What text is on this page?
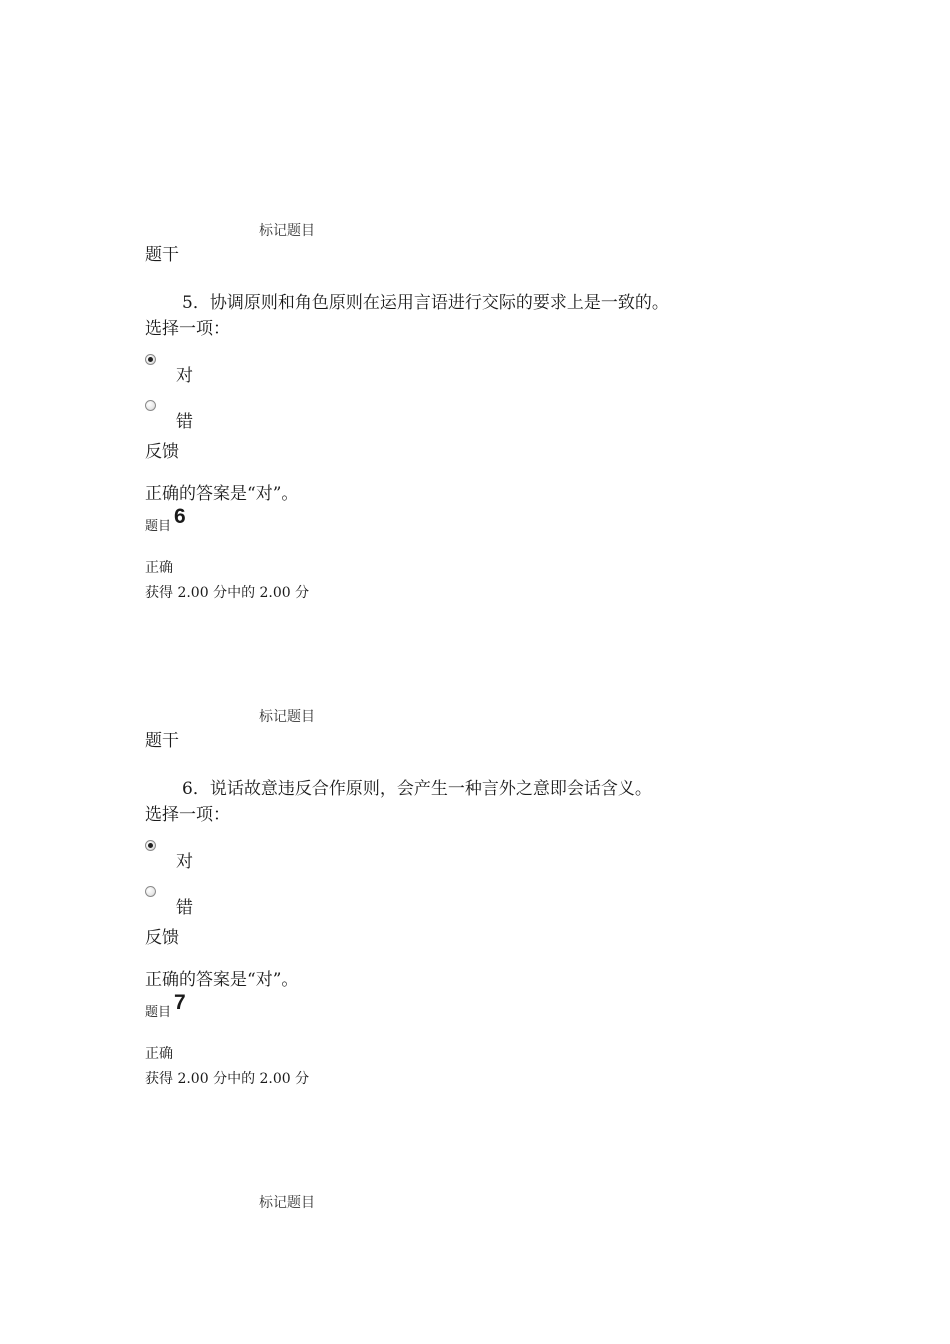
标记题目
题干
5．协调原则和角色原则在运用言语进行交际的要求上是一致的。
选择一项：
对
错
反馈
正确的答案是“对”。
题目 6
正确
获得 2.00 分中的 2.00 分
标记题目
题干
6．说话故意违反合作原则，会产生一种言外之意即会话含义。
选择一项：
对
错
反馈
正确的答案是“对”。
题目 7
正确
获得 2.00 分中的 2.00 分
标记题目
